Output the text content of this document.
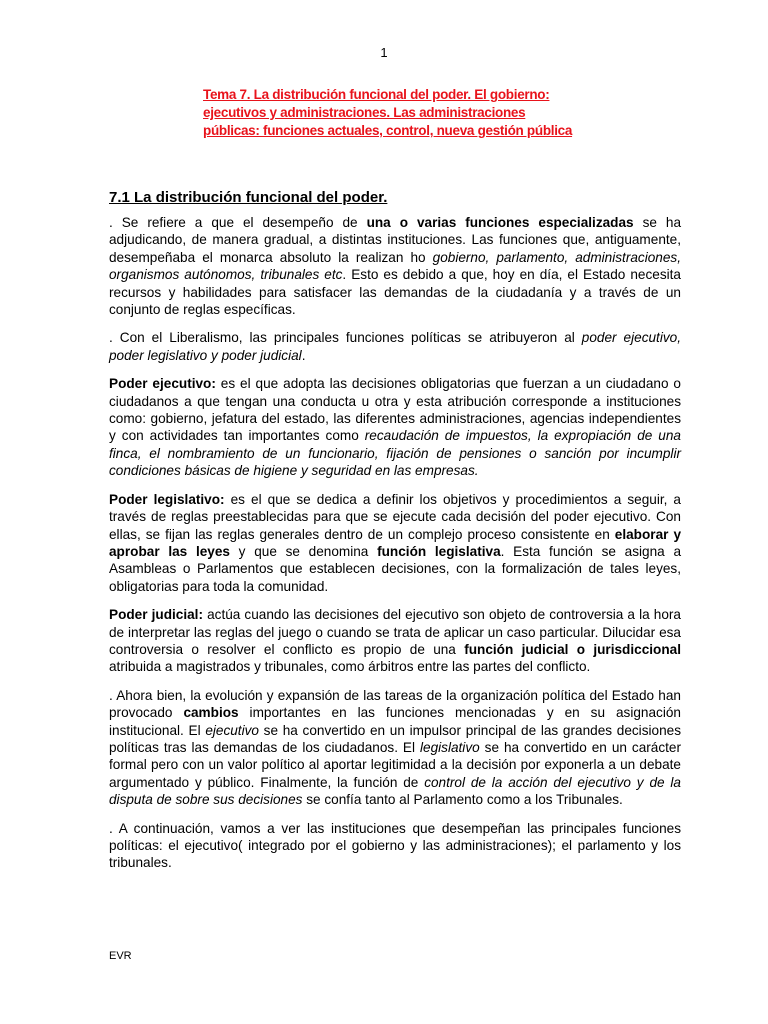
1
Tema 7. La distribución funcional del poder. El gobierno: ejecutivos y administraciones. Las administraciones públicas: funciones actuales, control, nueva gestión pública
7.1 La distribución funcional del poder.

. Se refiere a que el desempeño de una o varias funciones especializadas se ha adjudicando, de manera gradual, a distintas instituciones. Las funciones que, antiguamente, desempeñaba el monarca absoluto la realizan ho gobierno, parlamento, administraciones, organismos autónomos, tribunales etc. Esto es debido a que, hoy en día, el Estado necesita recursos y habilidades para satisfacer las demandas de la ciudadanía y a través de un conjunto de reglas específicas.

. Con el Liberalismo, las principales funciones políticas se atribuyeron al poder ejecutivo, poder legislativo y poder judicial.

Poder ejecutivo: es el que adopta las decisiones obligatorias que fuerzan a un ciudadano o ciudadanos a que tengan una conducta u otra y esta atribución corresponde a instituciones como: gobierno, jefatura del estado, las diferentes administraciones, agencias independientes y con actividades tan importantes como recaudación de impuestos, la expropiación de una finca, el nombramiento de un funcionario, fijación de pensiones o sanción por incumplir condiciones básicas de higiene y seguridad en las empresas.

Poder legislativo: es el que se dedica a definir los objetivos y procedimientos a seguir, a través de reglas preestablecidas para que se ejecute cada decisión del poder ejecutivo. Con ellas, se fijan las reglas generales dentro de un complejo proceso consistente en elaborar y aprobar las leyes y que se denomina función legislativa. Esta función se asigna a Asambleas o Parlamentos que establecen decisiones, con la formalización de tales leyes, obligatorias para toda la comunidad.

Poder judicial: actúa cuando las decisiones del ejecutivo son objeto de controversia a la hora de interpretar las reglas del juego o cuando se trata de aplicar un caso particular. Dilucidar esa controversia o resolver el conflicto es propio de una función judicial o jurisdiccional atribuida a magistrados y tribunales, como árbitros entre las partes del conflicto.

. Ahora bien, la evolución y expansión de las tareas de la organización política del Estado han provocado cambios importantes en las funciones mencionadas y en su asignación institucional. El ejecutivo se ha convertido en un impulsor principal de las grandes decisiones políticas tras las demandas de los ciudadanos. El legislativo se ha convertido en un carácter formal pero con un valor político al aportar legitimidad a la decisión por exponerla a un debate argumentado y público. Finalmente, la función de control de la acción del ejecutivo y de la disputa de sobre sus decisiones se confía tanto al Parlamento como a los Tribunales.

. A continuación, vamos a ver las instituciones que desempeñan las principales funciones políticas: el ejecutivo( integrado por el gobierno y las administraciones); el parlamento y los tribunales.

EVR
